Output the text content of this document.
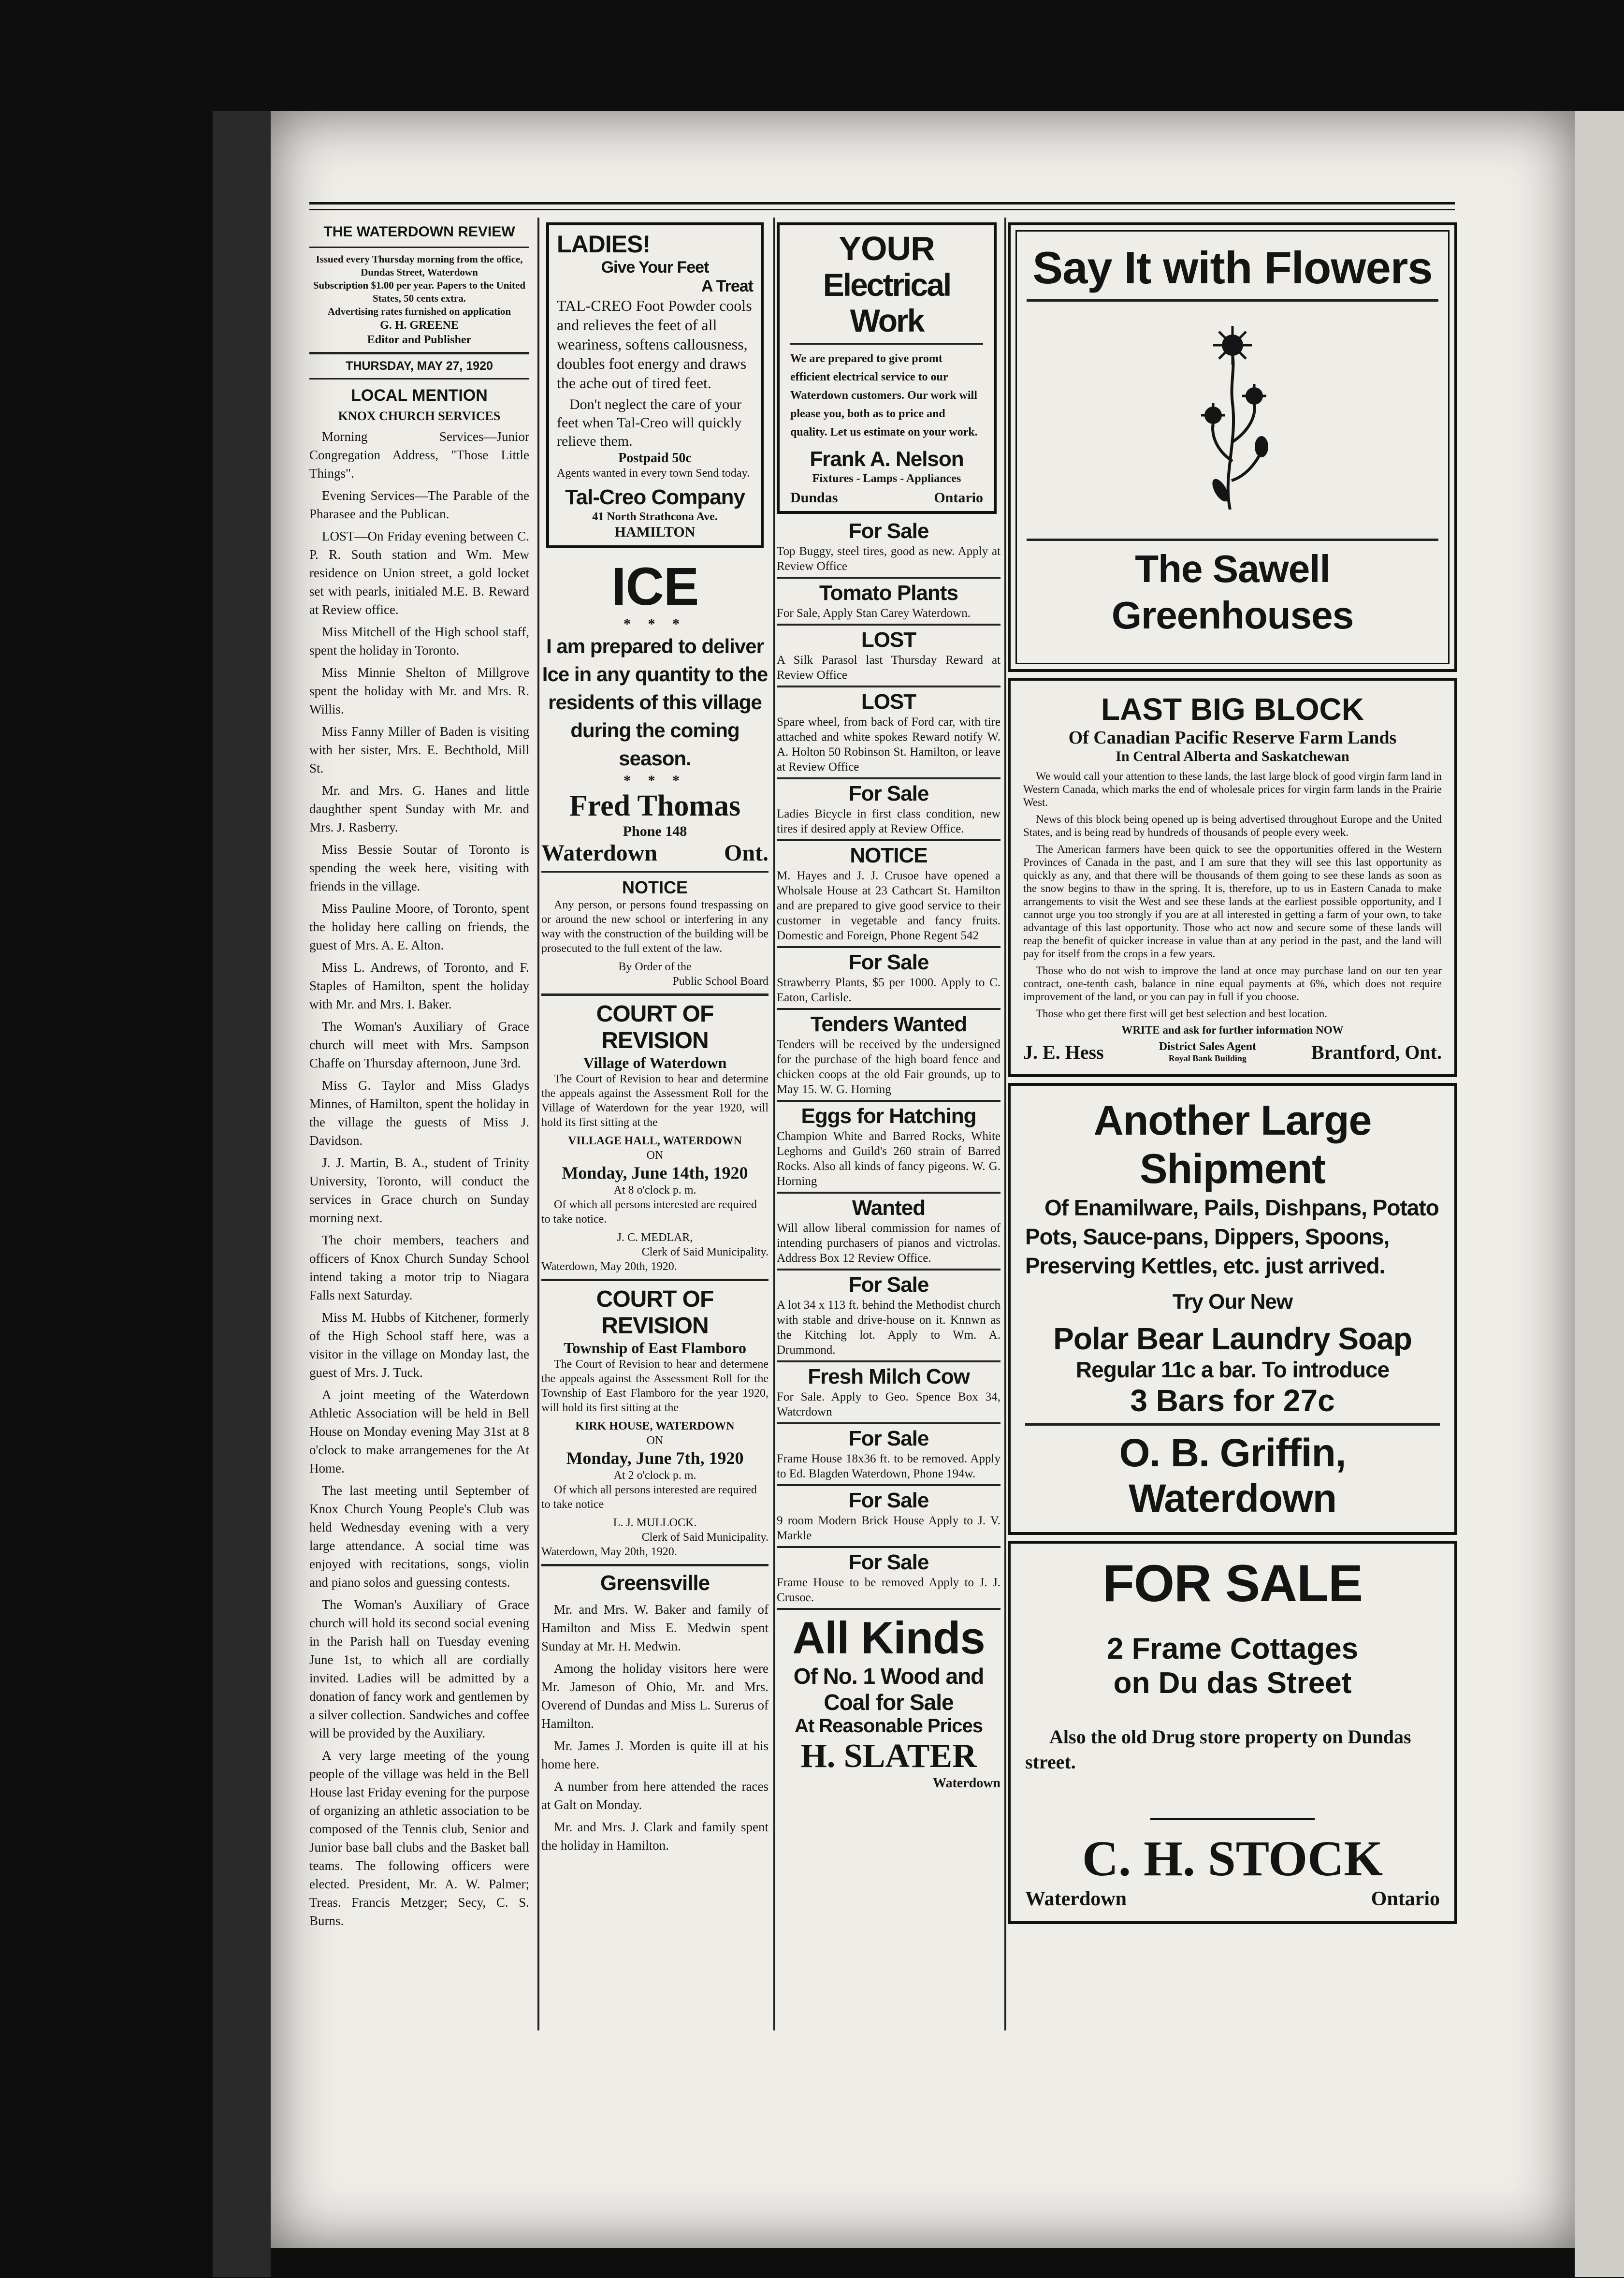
THE WATERDOWN REVIEW
Issued every Thursday morning from the office, Dundas Street, Waterdown
Subscription $1.00 per year. Papers to the United States, 50 cents extra.
Advertising rates furnished on application
G. H. GREENE
Editor and Publisher
THURSDAY, MAY 27, 1920
LOCAL MENTION
KNOX CHURCH SERVICES
Morning Services—Junior Congregation Address, "Those Little Things".
Evening Services—The Parable of the Pharasee and the Publican.
LOST—On Friday evening between C. P. R. South station and Wm. Mew residence on Union street, a gold locket set with pearls, initialed M.E. B. Reward at Review office.
Miss Mitchell of the High school staff, spent the holiday in Toronto.
Miss Minnie Shelton of Millgrove spent the holiday with Mr. and Mrs. R. Willis.
Miss Fanny Miller of Baden is visiting with her sister, Mrs. E. Bechthold, Mill St.
Mr. and Mrs. G. Hanes and little daughther spent Sunday with Mr. and Mrs. J. Rasberry.
Miss Bessie Soutar of Toronto is spending the week here, visiting with friends in the village.
Miss Pauline Moore, of Toronto, spent the holiday here calling on friends, the guest of Mrs. A. E. Alton.
Miss L. Andrews, of Toronto, and F. Staples of Hamilton, spent the holiday with Mr. and Mrs. I. Baker.
The Woman's Auxiliary of Grace church will meet with Mrs. Sampson Chaffe on Thursday afternoon, June 3rd.
Miss G. Taylor and Miss Gladys Minnes, of Hamilton, spent the holiday in the village the guests of Miss J. Davidson.
J. J. Martin, B. A., student of Trinity University, Toronto, will conduct the services in Grace church on Sunday morning next.
The choir members, teachers and officers of Knox Church Sunday School intend taking a motor trip to Niagara Falls next Saturday.
Miss M. Hubbs of Kitchener, formerly of the High School staff here, was a visitor in the village on Monday last, the guest of Mrs. J. Tuck.
A joint meeting of the Waterdown Athletic Association will be held in Bell House on Monday evening May 31st at 8 o'clock to make arrangemenes for the At Home.
The last meeting until September of Knox Church Young People's Club was held Wednesday evening with a very large attendance. A social time was enjoyed with recitations, songs, violin and piano solos and guessing contests.
The Woman's Auxiliary of Grace church will hold its second social evening in the Parish hall on Tuesday evening June 1st, to which all are cordially invited. Ladies will be admitted by a donation of fancy work and gentlemen by a silver collection. Sandwiches and coffee will be provided by the Auxiliary.
A very large meeting of the young people of the village was held in the Bell House last Friday evening for the purpose of organizing an athletic association to be composed of the Tennis club, Senior and Junior base ball clubs and the Basket ball teams. The following officers were elected. President, Mr. A. W. Palmer; Treas. Francis Metzger; Secy, C. S. Burns.
LADIES!
Give Your Feet
A Treat
TAL-CREO Foot Powder cools and relieves the feet of all weariness, softens callousness, doubles foot energy and draws the ache out of tired feet.
Don't neglect the care of your feet when Tal-Creo will quickly relieve them.
Postpaid 50c
Agents wanted in every town Send today.
Tal-Creo Company
41 North Strathcona Ave.
HAMILTON
ICE
* * *
I am prepared to deliver Ice in any quantity to the residents of this village during the coming season.
* * *
Fred Thomas
Phone 148
Waterdown	Ont.
NOTICE
Any person, or persons found trespassing on or around the new school or interfering in any way with the construction of the building will be prosecuted to the full extent of the law.
By Order of the
Public School Board
COURT OF REVISION
Village of Waterdown
The Court of Revision to hear and determine the appeals against the Assessment Roll for the Village of Waterdown for the year 1920, will hold its first sitting at the
VILLAGE HALL, WATERDOWN
ON
Monday, June 14th, 1920
At 8 o'clock p. m.
Of which all persons interested are required to take notice.
J. C. MEDLAR,
Clerk of Said Municipality.
Waterdown, May 20th, 1920.
COURT OF REVISION
Township of East Flamboro
The Court of Revision to hear and determene the appeals against the Assessment Roll for the Township of East Flamboro for the year 1920, will hold its first sitting at the
KIRK HOUSE, WATERDOWN
ON
Monday, June 7th, 1920
At 2 o'clock p. m.
Of which all persons interested are required to take notice
L. J. MULLOCK.
Clerk of Said Municipality.
Waterdown, May 20th, 1920.
Greensville
Mr. and Mrs. W. Baker and family of Hamilton and Miss E. Medwin spent Sunday at Mr. H. Medwin.
Among the holiday visitors here were Mr. Jameson of Ohio, Mr. and Mrs. Overend of Dundas and Miss L. Surerus of Hamilton.
Mr. James J. Morden is quite ill at his home here.
A number from here attended the races at Galt on Monday.
Mr. and Mrs. J. Clark and family spent the holiday in Hamilton.
YOUR
Electrical Work
We are prepared to give promt efficient electrical service to our Waterdown customers. Our work will please you, both as to price and quality. Let us estimate on your work.
Frank A. Nelson
Fixtures - Lamps - Appliances
Dundas	Ontario
For Sale
Top Buggy, steel tires, good as new. Apply at Review Office
Tomato Plants
For Sale, Apply Stan Carey Waterdown.
LOST
A Silk Parasol last Thursday Reward at Review Office
LOST
Spare wheel, from back of Ford car, with tire attached and white spokes Reward notify W. A. Holton 50 Robinson St. Hamilton, or leave at Review Office
For Sale
Ladies Bicycle in first class condition, new tires if desired apply at Review Office.
NOTICE
M. Hayes and J. J. Crusoe have opened a Wholsale House at 23 Cathcart St. Hamilton and are prepared to give good service to their customer in vegetable and fancy fruits. Domestic and Foreign, Phone Regent 542
For Sale
Strawberry Plants, $5 per 1000. Apply to C. Eaton, Carlisle.
Tenders Wanted
Tenders will be received by the undersigned for the purchase of the high board fence and chicken coops at the old Fair grounds, up to May 15. W. G. Horning
Eggs for Hatching
Champion White and Barred Rocks, White Leghorns and Guild's 260 strain of Barred Rocks. Also all kinds of fancy pigeons. W. G. Horning
Wanted
Will allow liberal commission for names of intending purchasers of pianos and victrolas. Address Box 12 Review Office.
For Sale
A lot 34 x 113 ft. behind the Methodist church with stable and drive-house on it. Knnwn as the Kitching lot. Apply to Wm. A. Drummond.
Fresh Milch Cow
For Sale. Apply to Geo. Spence Box 34, Watcrdown
For Sale
Frame House 18x36 ft. to be removed. Apply to Ed. Blagden Waterdown, Phone 194w.
For Sale
9 room Modern Brick House Apply to J. V. Markle
For Sale
Frame House to be removed Apply to J. J. Crusoe.
All Kinds
Of No. 1 Wood and
Coal for Sale
At Reasonable Prices
H. SLATER
Waterdown
Say It with Flowers
The Sawell Greenhouses
LAST BIG BLOCK
Of Canadian Pacific Reserve Farm Lands
In Central Alberta and Saskatchewan
We would call your attention to these lands, the last large block of good virgin farm land in Western Canada, which marks the end of wholesale prices for virgin farm lands in the Prairie West.
News of this block being opened up is being advertised throughout Europe and the United States, and is being read by hundreds of thousands of people every week.
The American farmers have been quick to see the opportunities offered in the Western Provinces of Canada in the past, and I am sure that they will see this last opportunity as quickly as any, and that there will be thousands of them going to see these lands as soon as the snow begins to thaw in the spring. It is, therefore, up to us in Eastern Canada to make arrangements to visit the West and see these lands at the earliest possible opportunity, and I cannot urge you too strongly if you are at all interested in getting a farm of your own, to take advantage of this last opportunity. Those who act now and secure some of these lands will reap the benefit of quicker increase in value than at any period in the past, and the land will pay for itself from the crops in a few years.
Those who do not wish to improve the land at once may purchase land on our ten year contract, one-tenth cash, balance in nine equal payments at 6%, which does not require improvement of the land, or you can pay in full if you choose.
Those who get there first will get best selection and best location.
WRITE and ask for further information NOW
J. E. Hess	District Sales Agent
Royal Bank Building	Brantford, Ont.
Another Large Shipment
Of Enamilware, Pails, Dishpans, Potato Pots, Sauce-pans, Dippers, Spoons, Preserving Kettles, etc. just arrived.
Try Our New
Polar Bear Laundry Soap
Regular 11c a bar. To introduce
3 Bars for 27c
O. B. Griffin, Waterdown
FOR SALE
2 Frame Cottages
on Du das Street
Also the old Drug store property on Dundas street.
C. H. STOCK
Waterdown	Ontario
